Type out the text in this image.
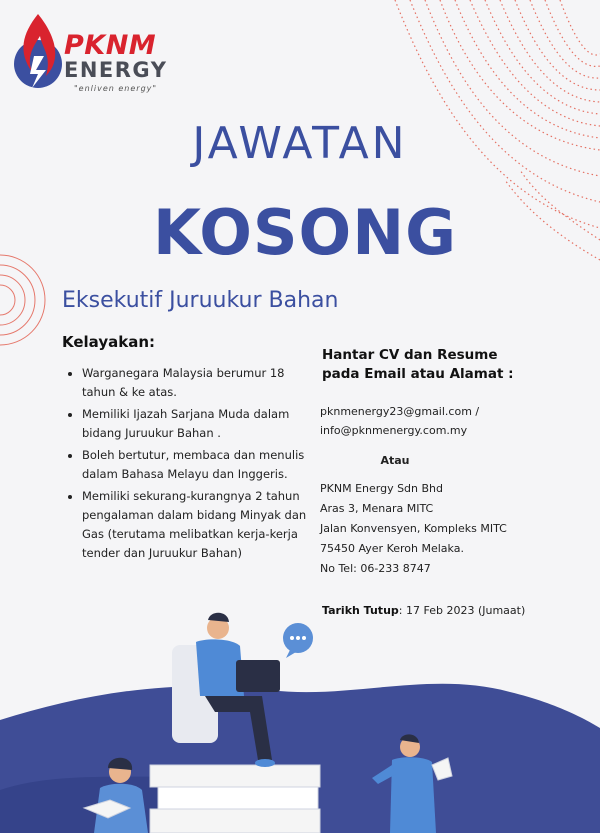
PKNM
ENERGY
"enliven energy"
JAWATAN
KOSONG
Eksekutif Juruukur Bahan
Kelayakan:
• Warganegara Malaysia berumur 18 tahun & ke atas.
• Memiliki Ijazah Sarjana Muda dalam bidang Juruukur Bahan .
• Boleh bertutur, membaca dan menulis dalam Bahasa Melayu dan Inggeris.
• Memiliki sekurang-kurangnya 2 tahun pengalaman dalam bidang Minyak dan Gas (terutama melibatkan kerja-kerja tender dan Juruukur Bahan)
Hantar CV dan Resume
pada Email atau Alamat :
pknmenergy23@gmail.com /
info@pknmenergy.com.my
Atau
PKNM Energy Sdn Bhd
Aras 3, Menara MITC
Jalan Konvensyen, Kompleks MITC
75450 Ayer Keroh Melaka.
No Tel: 06-233 8747
Tarikh Tutup: 17 Feb 2023 (Jumaat)
